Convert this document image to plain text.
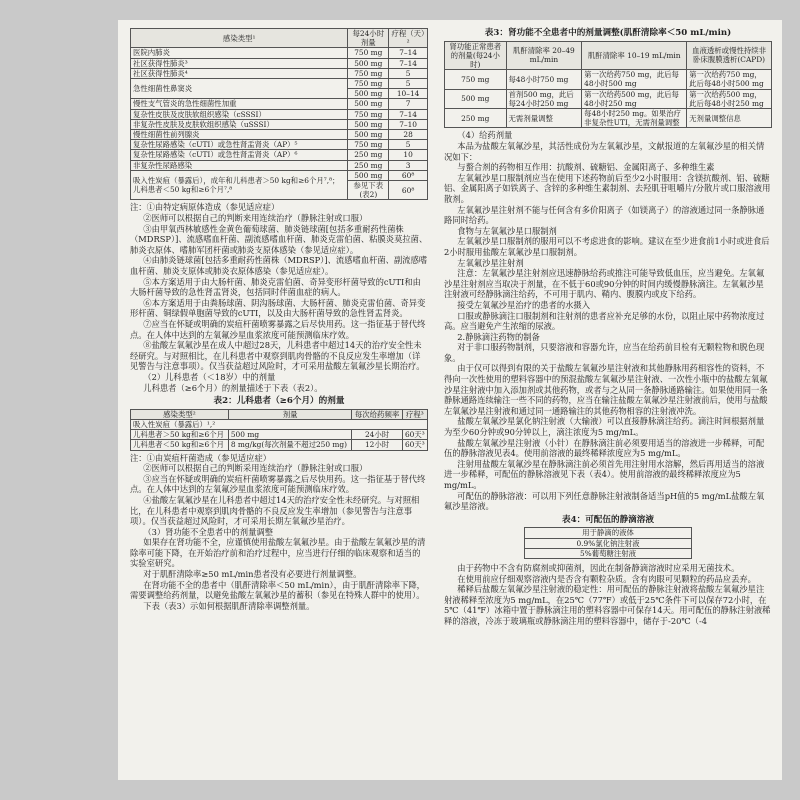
感染类型¹	每24小时剂量	疗程（天）²
医院内肺炎	750 mg	7–14
社区获得性肺炎³	500 mg	7–14
社区获得性肺炎⁴	750 mg	5
急性细菌性鼻窦炎	750 mg	5
	500 mg	10–14
慢性支气管炎的急性细菌性加重	500 mg	7
复杂性皮肤及皮肤软组织感染（cSSSI）	750 mg	7–14
非复杂性皮肤及皮肤软组织感染（uSSSI）	500 mg	7–10
慢性细菌性前列腺炎	500 mg	28
复杂性尿路感染（cUTI）或急性肾盂肾炎（AP）⁵	750 mg	5
复杂性尿路感染（cUTI）或急性肾盂肾炎（AP）⁶	250 mg	10
非复杂性尿路感染	250 mg	3
吸入性炭疽（暴露后），成年和儿科患者＞50 kg和≥6个月⁷,⁸；儿科患者＜50 kg和≥6个月⁷,⁸	500 mg	60⁸
	参见下表(表2)	60⁸

注：①由特定病原体造成（参见适应症）

②医师可以根据自己的判断来用连续治疗（静脉注射或口服）

③由甲氧西林敏感性金黄色葡萄球菌、肺炎链球菌[包括多重耐药性菌株（MDRSP）]、流感嗜血杆菌、副流感嗜血杆菌、肺炎克雷伯菌、粘膜炎莫拉菌、肺炎衣原体、嗜肺军团杆菌或肺炎支原体感染（参见适应症）。

④由肺炎链球菌[包括多重耐药性菌株（MDRSP）]、流感嗜血杆菌、副流感嗜血杆菌、肺炎支原体或肺炎衣原体感染（参见适应症）。

⑤本方案适用于由大肠杆菌、肺炎克雷伯菌、奇异变形杆菌导致的cUTI和由大肠杆菌导致的急性肾盂肾炎，包括同时伴菌血症的病人。

⑥本方案适用于由粪肠球菌、阴沟肠球菌、大肠杆菌、肺炎克雷伯菌、奇异变形杆菌、铜绿假单胞菌导致的cUTI，以及由大肠杆菌导致的急性肾盂肾炎。

⑦应当在怀疑或明确的炭疽杆菌喷雾暴露之后尽快用药。这一指征基于替代终点。在人体中达到的左氧氟沙星血浆浓度可能预测临床疗效。

⑧盐酸左氧氟沙星在成人中超过28天，儿科患者中超过14天的治疗安全性未经研究。与对照相比，在儿科患者中观察到肌肉骨骼的不良反应发生率增加（详见警告与注意事项）。仅当获益超过风险时，才可采用盐酸左氧氟沙星长期治疗。

（2）儿科患者（＜18岁）中的剂量

儿科患者（≥6个月）的剂量描述于下表（表2）。

表2：儿科患者（≥6个月）的剂量
感染类型²	剂量	每次给药频率	疗程³
吸入性炭疽（暴露后）¹,²			
儿科患者＞50 kg和≥6个月	500 mg	24小时	60天³
儿科患者＜50 kg和≥6个月	8 mg/kg(每次剂量不超过250 mg)	12小时	60天³

注：①由炭疽杆菌造成（参见适应症）

②医师可以根据自己的判断采用连续治疗（静脉注射或口服）

③应当在怀疑或明确的炭疽杆菌喷雾暴露之后尽快用药。这一指征基于替代终点。在人体中达到的左氧氟沙星血浆浓度可能预测临床疗效。

④盐酸左氧氟沙星在儿科患者中超过14天的治疗安全性未经研究。与对照相比，在儿科患者中观察到肌肉骨骼的不良反应发生率增加（参见警告与注意事项）。仅当获益超过风险时，才可采用长期左氧氟沙星治疗。

（3）肾功能不全患者中的剂量调整

如果存在肾功能不全，应谨慎使用盐酸左氧氟沙星。由于盐酸左氧氟沙星的清除率可能下降，在开始治疗前和治疗过程中，应当进行仔细的临床观察和适当的实验室研究。

对于肌酐清除率≥50 mL/min患者没有必要进行剂量调整。

在肾功能不全的患者中（肌酐清除率＜50 mL/min），由于肌酐清除率下降，需要调整给药剂量，以避免盐酸左氧氟沙星的蓄积（参见在特殊人群中的使用）。

下表（表3）示如何根据肌酐清除率调整剂量。

表3：肾功能不全患者中的剂量调整(肌酐清除率＜50 mL/min)
肾功能正常患者的剂量(每24小时)	肌酐清除率 20–49 mL/min	肌酐清除率 10–19 mL/min	血液透析或慢性持续非卧床腹膜透析(CAPD)
750 mg	每48小时750 mg	第一次给药750 mg，此后每48小时500 mg	第一次给药750 mg，此后每48小时500 mg
500 mg	首剂500 mg，此后每24小时250 mg	第一次给药500 mg，此后每48小时250 mg	第一次给药500 mg，此后每48小时250 mg
250 mg	无需剂量调整	每48小时250 mg。如果治疗非复杂性UTI，无需剂量调整	无剂量调整信息

（4）给药剂量

本品为盐酸左氧氟沙星，其活性成份为左氧氟沙星，文献报道的左氧氟沙星的相关情况如下：

与螯合剂的药物相互作用：抗酸剂、硫糖铝、金属阳离子、多种维生素

左氧氟沙星口服制剂应当在使用下述药物前后至少2小时服用：含镁抗酸剂、铝、硫糖铝、金属阳离子如铁离子、含锌的多种维生素制剂、去羟肌苷咀嚼片/分散片或口服溶液用散剂。

左氧氟沙星注射剂不能与任何含有多价阳离子（如镁离子）的溶液通过同一条静脉通路同时给药。

食物与左氧氟沙星口服制剂

左氧氟沙星口服制剂的服用可以不考虑进食的影响。建议在至少进食前1小时或进食后2小时服用盐酸左氧氟沙星口服制剂。

左氧氟沙星注射剂

注意：左氧氟沙星注射剂应迅速静脉给药或推注可能导致低血压，应当避免。左氧氟沙星注射剂应当取决于剂量，在不低于60或90分钟的时间内缓慢静脉滴注。左氧氟沙星注射液可经静脉滴注给药，不可用于肌内、鞘内、腹膜内或皮下给药。

接受左氧氟沙星治疗的患者的水摄入

口服或静脉滴注口服制剂和注射剂的患者应补充足够的水份，以阻止尿中药物浓度过高。应当避免产生浓缩的尿液。

2.静脉滴注药物的制备

对于非口服药物制剂，只要溶液和容器允许，应当在给药前目检有无颗粒物和脱色现象。

由于仅可以得到有限的关于盐酸左氧氟沙星注射液和其他静脉用药相容性的资料，不得向一次性使用的塑料容器中的预混盐酸左氧氟沙星注射液、一次性小瓶中的盐酸左氧氟沙星注射液中加入添加剂或其他药物，或者与之从同一条静脉通路输注。如果使用同一条静脉通路连续输注一些不同的药物，应当在输注盐酸左氧氟沙星注射液前后，使用与盐酸左氧氟沙星注射液和通过同一通路输注的其他药物相容的注射液冲洗。

盐酸左氧氟沙星氯化钠注射液（大输液）可以直接静脉滴注给药。滴注时间根据剂量为至少60分钟或90分钟以上，滴注浓度为5 mg/mL。

盐酸左氧氟沙星注射液（小针）在静脉滴注前必须要用适当的溶液进一步稀释，可配伍的静脉溶液见表4。使用前溶液的最终稀释浓度应为5 mg/mL。

注射用盐酸左氧氟沙星在静脉滴注前必须首先用注射用水溶解，然后再用适当的溶液进一步稀释，可配伍的静脉溶液见下表（表4）。使用前溶液的最终稀释浓度应为5 mg/mL。

可配伍的静脉溶液：可以用下列任意静脉注射液制备适当pH值的5 mg/mL盐酸左氧氟沙星溶液。

表4：可配伍的静滴溶液
用于静滴的液体
0.9%氯化钠注射液
5%葡萄糖注射液

由于药物中不含有防腐剂或抑菌剂，因此在制备静滴溶液时应采用无菌技术。

在使用前应仔细观察溶液内是否含有颗粒杂质。含有肉眼可见颗粒的药品应丢弃。

稀释后盐酸左氧氟沙星注射液的稳定性：用可配伍的静脉注射液将盐酸左氧氟沙星注射液稀释至浓度为5 mg/mL，在25℃（77℉）或低于25℃条件下可以保存72小时，在5℃（41℉）冰箱中置于静脉滴注用的塑料容器中可保存14天。用可配伍的静脉注射液稀释的溶液，冷冻于玻璃瓶或静脉滴注用的塑料容器中，储存于-20℃（-4
